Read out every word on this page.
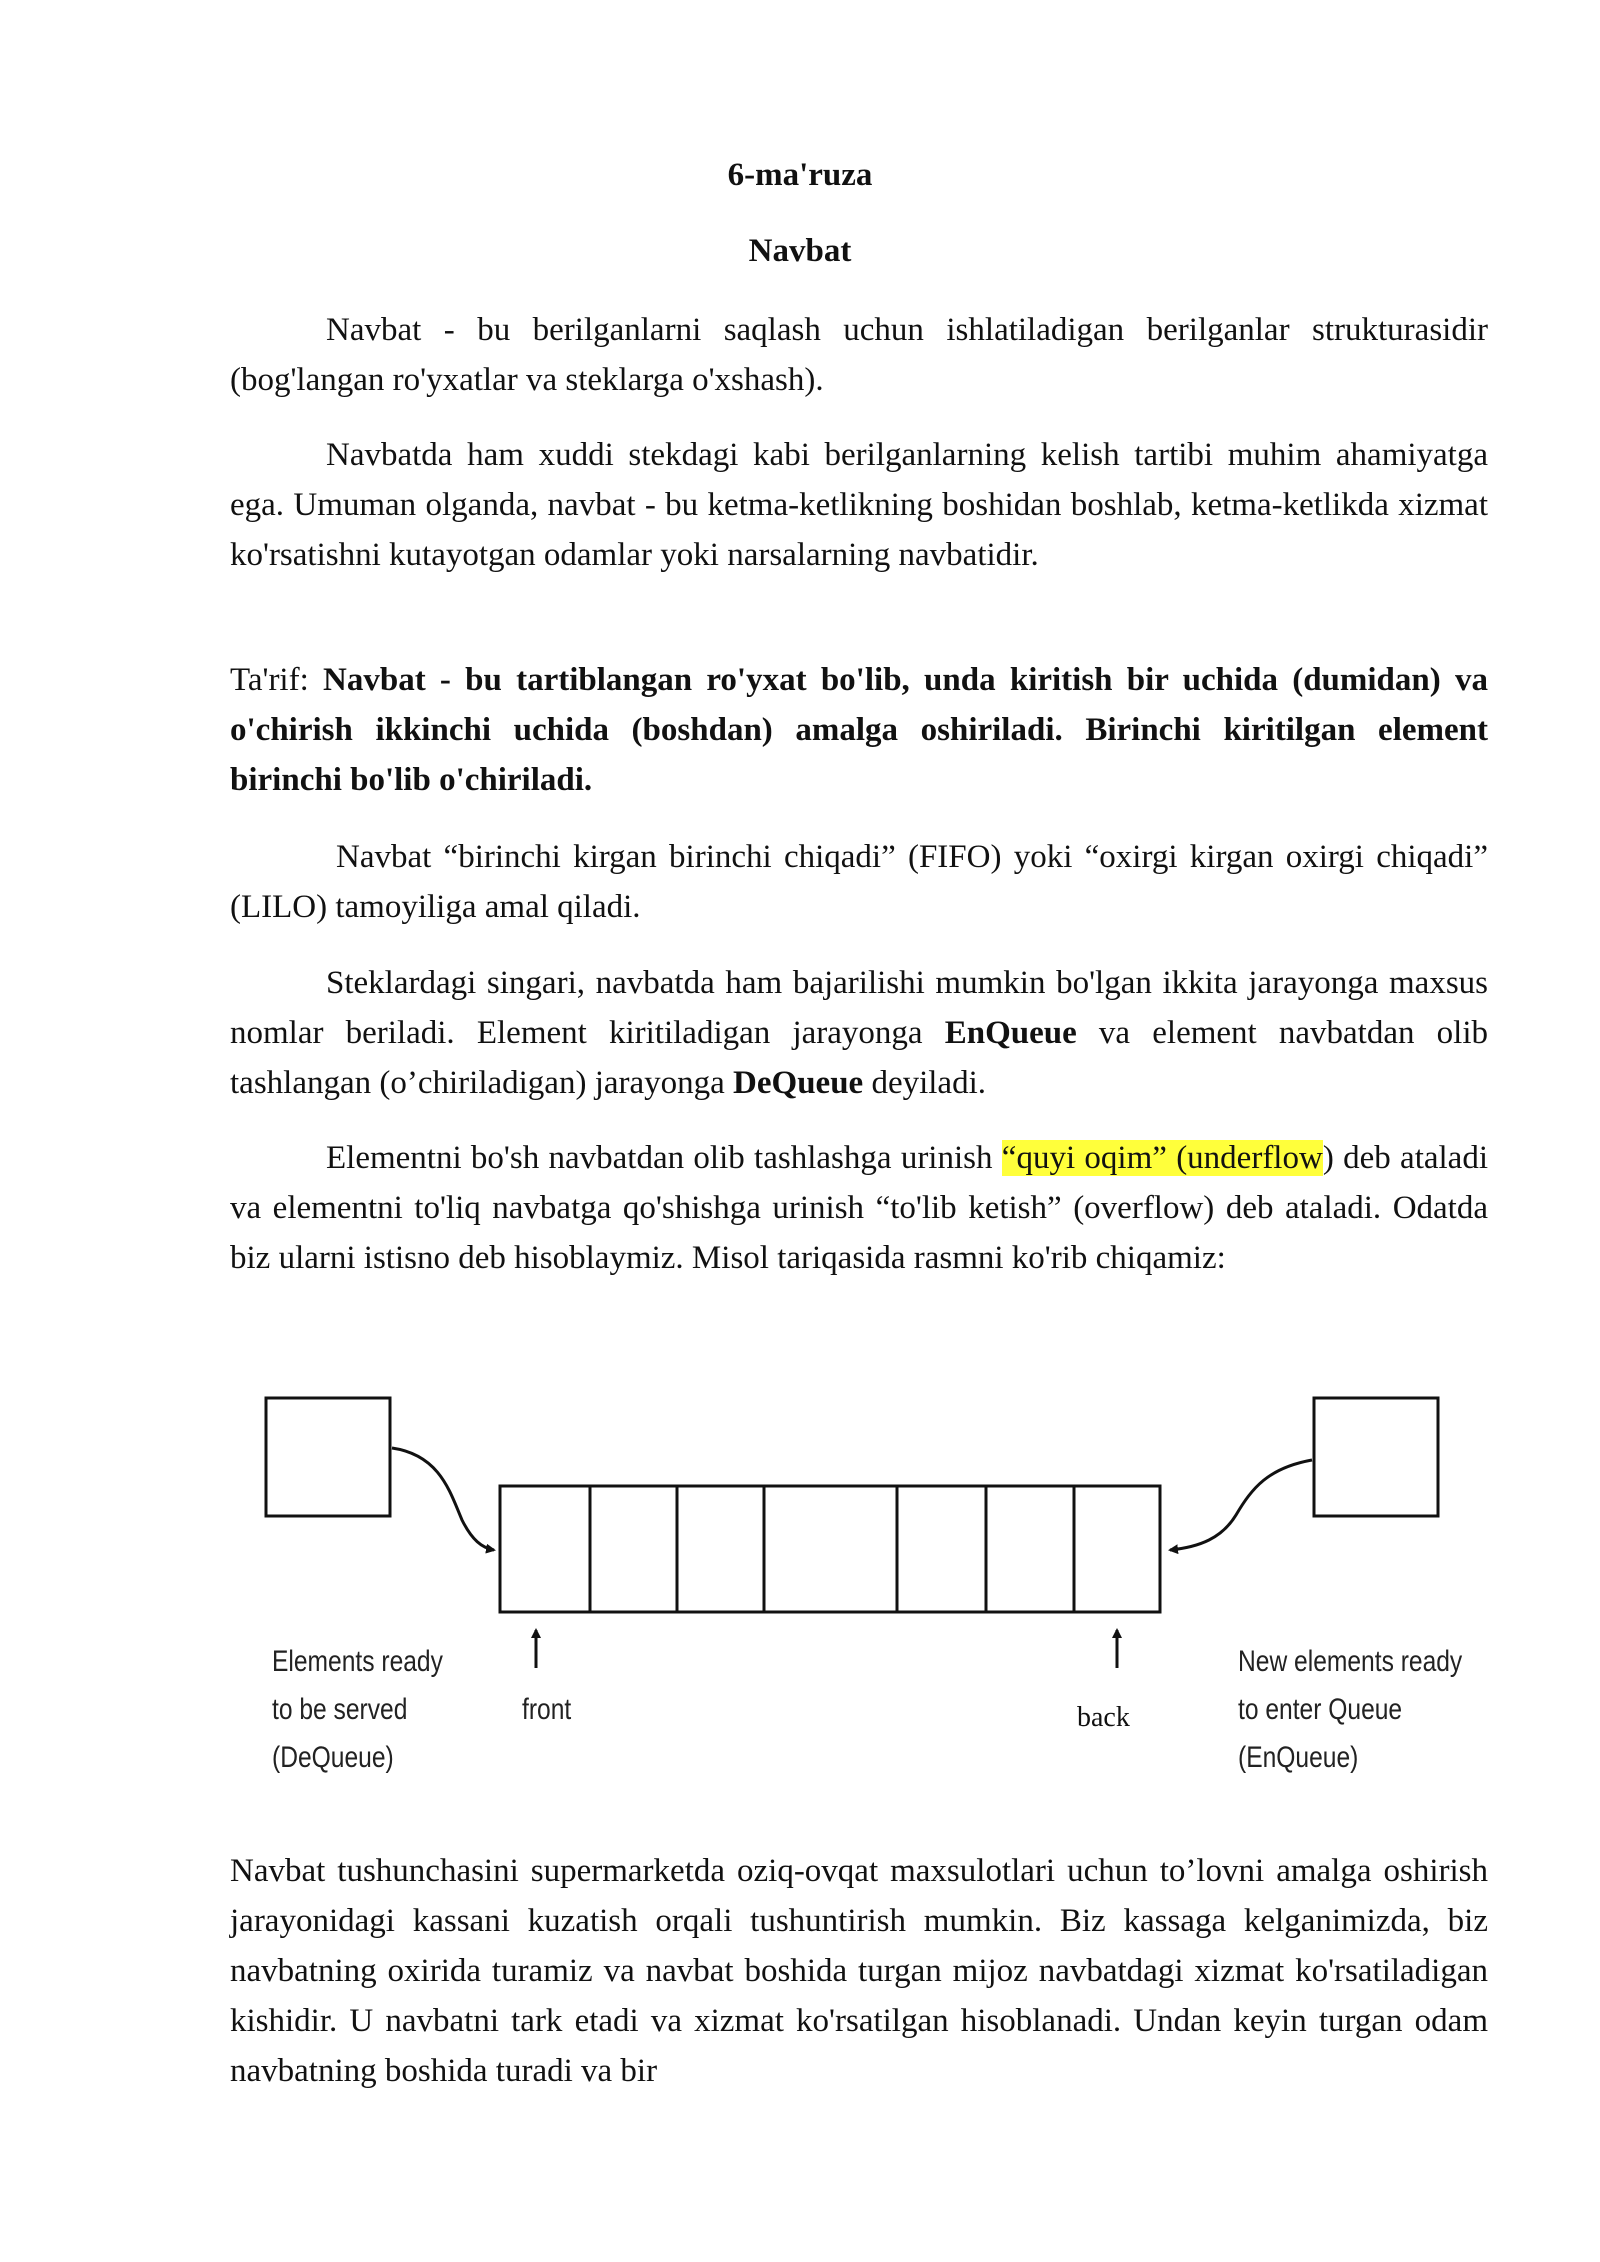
6-ma'ruza

Navbat

Navbat - bu berilganlarni saqlash uchun ishlatiladigan berilganlar strukturasidir (bog'langan ro'yxatlar va steklarga o'xshash).

Navbatda ham xuddi stekdagi kabi berilganlarning kelish tartibi muhim ahamiyatga ega. Umuman olganda, navbat - bu ketma-ketlikning boshidan boshlab, ketma-ketlikda xizmat ko'rsatishni kutayotgan odamlar yoki narsalarning navbatidir.

Ta'rif: Navbat - bu tartiblangan ro'yxat bo'lib, unda kiritish bir uchida (dumidan) va o'chirish ikkinchi uchida (boshdan) amalga oshiriladi. Birinchi kiritilgan element birinchi bo'lib o'chiriladi.

Navbat “birinchi kirgan birinchi chiqadi” (FIFO) yoki “oxirgi kirgan oxirgi chiqadi” (LILO) tamoyiliga amal qiladi.

Steklardagi singari, navbatda ham bajarilishi mumkin bo'lgan ikkita jarayonga maxsus nomlar beriladi. Element kiritiladigan jarayonga EnQueue va element navbatdan olib tashlangan (o’chiriladigan) jarayonga DeQueue deyiladi.

Elementni bo'sh navbatdan olib tashlashga urinish “quyi oqim” (underflow) deb ataladi va elementni to'liq navbatga qo'shishga urinish “to'lib ketish” (overflow) deb ataladi. Odatda biz ularni istisno deb hisoblaymiz. Misol tariqasida rasmni ko'rib chiqamiz:

Elements ready
to be served
(DeQueue)
front	back
New elements ready
to enter Queue
(EnQueue)

Navbat tushunchasini supermarketda oziq-ovqat maxsulotlari uchun to’lovni amalga oshirish jarayonidagi kassani kuzatish orqali tushuntirish mumkin. Biz kassaga kelganimizda, biz navbatning oxirida turamiz va navbat boshida turgan mijoz navbatdagi xizmat ko'rsatiladigan kishidir. U navbatni tark etadi va xizmat ko'rsatilgan hisoblanadi. Undan keyin turgan odam navbatning boshida turadi va bir
